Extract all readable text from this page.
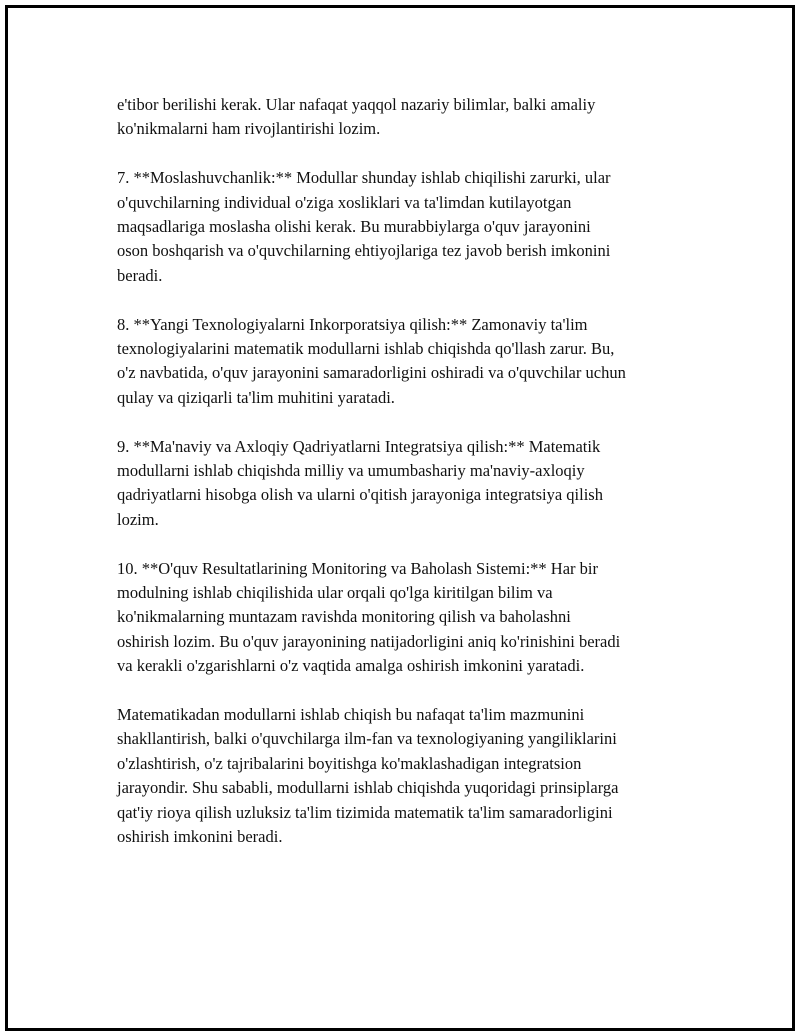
e'tibor berilishi kerak. Ular nafaqat yaqqol nazariy bilimlar, balki amaliy
ko'nikmalarni ham rivojlantirishi lozim.

7. **Moslashuvchanlik:** Modullar shunday ishlab chiqilishi zarurki, ular
o'quvchilarning individual o'ziga xosliklari va ta'limdan kutilayotgan
maqsadlariga moslasha olishi kerak. Bu murabbiylarga o'quv jarayonini
oson boshqarish va o'quvchilarning ehtiyojlariga tez javob berish imkonini
beradi.

8. **Yangi Texnologiyalarni Inkorporatsiya qilish:** Zamonaviy ta'lim
texnologiyalarini matematik modullarni ishlab chiqishda qo'llash zarur. Bu,
o'z navbatida, o'quv jarayonini samaradorligini oshiradi va o'quvchilar uchun
qulay va qiziqarli ta'lim muhitini yaratadi.

9. **Ma'naviy va Axloqiy Qadriyatlarni Integratsiya qilish:** Matematik
modullarni ishlab chiqishda milliy va umumbashariy ma'naviy-axloqiy
qadriyatlarni hisobga olish va ularni o'qitish jarayoniga integratsiya qilish
lozim.

10. **O'quv Resultatlarining Monitoring va Baholash Sistemi:** Har bir
modulning ishlab chiqilishida ular orqali qo'lga kiritilgan bilim va
ko'nikmalarning muntazam ravishda monitoring qilish va baholashni
oshirish lozim. Bu o'quv jarayonining natijadorligini aniq ko'rinishini beradi
va kerakli o'zgarishlarni o'z vaqtida amalga oshirish imkonini yaratadi.

Matematikadan modullarni ishlab chiqish bu nafaqat ta'lim mazmunini
shakllantirish, balki o'quvchilarga ilm-fan va texnologiyaning yangiliklarini
o'zlashtirish, o'z tajribalarini boyitishga ko'maklashadigan integratsion
jarayondir. Shu sababli, modullarni ishlab chiqishda yuqoridagi prinsiplarga
qat'iy rioya qilish uzluksiz ta'lim tizimida matematik ta'lim samaradorligini
oshirish imkonini beradi.
